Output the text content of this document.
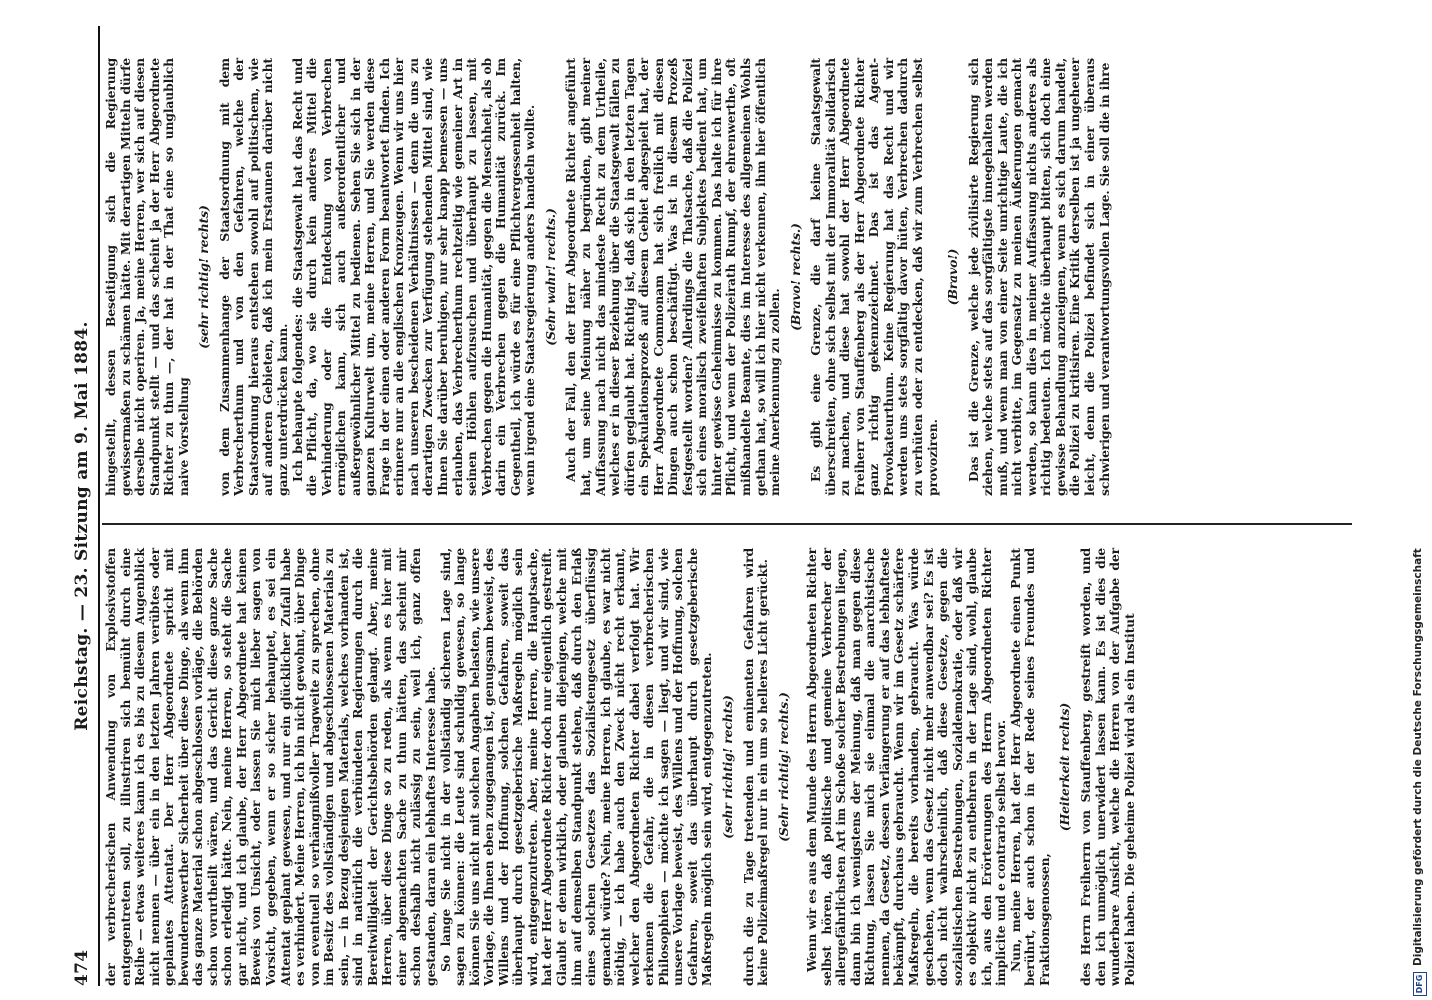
474
Reichstag. — 23. Sitzung am 9. Mai 1884.

der verbrecherischen Anwendung von Explosivstoffen entgegentreten soll, zu illustriren sich bemüht durch eine Reihe — etwas weiteres kann ich es bis zu diesem Augenblick nicht nennen — über ein in den letzten Jahren verübtes oder geplantes Attentat. Der Herr Abgeordnete spricht mit bewundernswerther Sicherheit über diese Dinge, als wenn ihm das ganze Material schon abgeschlossen vorläge, die Behörden schon vorurtheilt wären, und das Gericht diese ganze Sache schon erledigt hätte. Nein, meine Herren, so steht die Sache gar nicht, und ich glaube, der Herr Abgeordnete hat keinen Beweis von Unsicht, oder lassen Sie mich lieber sagen von Vorsicht, gegeben, wenn er so sicher behauptet, es sei ein Attentat geplant gewesen, und nur ein glücklicher Zufall habe es verhindert. Meine Herren, ich bin nicht gewohnt, über Dinge von eventuell so verhängnißvoller Tragweite zu sprechen, ohne im Besitz des vollständigen und abgeschlossenen Materials zu sein, — in Bezug desjenigen Materials, welches vorhanden ist, sind in natürlich die verbündeten Regierungen durch die Bereitwilligkeit der Gerichtsbehörden gelangt. Aber, meine Herren, über diese Dinge so zu reden, als wenn es hier mit einer abgemachten Sache zu thun hätten, das scheint mir schon deshalb nicht zulässig zu sein, weil ich, ganz offen gestanden, daran ein lebhaftes Interesse habe. So lange Sie nicht in der vollständig sicheren Lage sind, sagen zu können: die Leute sind schuldig gewesen, so lange können Sie uns nicht mit solchen Angaben belasten, wie unsere Vorlage, die Ihnen eben zugegangen ist, genugsam beweist, des Willens und der Hoffnung, solchen Gefahren, soweit das überhaupt durch gesetzgeberische Maßregeln möglich sein wird, entgegenzutreten. Aber, meine Herren, die Hauptsache, hat der Herr Abgeordnete Richter doch nur eigentlich gestreift. Glaubt er denn wirklich, oder glauben diejenigen, welche mit ihm auf demselben Standpunkt stehen, daß durch den Erlaß eines solchen Gesetzes das Sozialistengesetz überflüssig gemacht würde? Nein, meine Herren, ich glaube, es war nicht nöthig, — ich habe auch den Zweck nicht recht erkannt, welcher den Abgeordneten Richter dabei verfolgt hat. Wir erkennen die Gefahr, die in diesen verbrecherischen Philosophieen — möchte ich sagen — liegt, und wir sind, wie unsere Vorlage beweist, des Willens und der Hoffnung, solchen Gefahren, soweit das überhaupt durch gesetzgeberische Maßregeln möglich sein wird, entgegenzutreten. (sehr richtig! rechts) durch die zu Tage tretenden und eminenten Gefahren wird keine Polizeimaßregel nur in ein um so helleres Licht gerückt. (Sehr richtig! rechts.) Wenn wir es aus dem Munde des Herrn Abgeordneten Richter selbst hören, daß politische und gemeine Verbrecher der allergefährlichsten Art im Schoße solcher Bestrebungen liegen, dann bin ich wenigstens der Meinung, daß man gegen diese Richtung, lassen Sie mich sie einmal die anarchistische nennen, da Gesetz, dessen Verlängerung er auf das lebhafteste bekämpft, durchaus gebraucht. Wenn wir im Gesetz schärfere Maßregeln, die bereits vorhanden, gebraucht. Was würde geschehen, wenn das Gesetz nicht mehr anwendbar sei? Es ist doch nicht wahrscheinlich, daß diese Gesetze, gegen die sozialistischen Bestrebungen, Sozialdemokratie, oder daß wir es objektiv nicht zu entbehren in der Lage sind, wohl, glaube ich, aus den Erörterungen des Herrn Abgeordneten Richter implicite und e contrario selbst hervor. Nun, meine Herren, hat der Herr Abgeordnete einen Punkt berührt, der auch schon in der Rede seines Freundes und Fraktionsgenossen,

(Heiterkeit rechts) des Herrn Freiherrn von Stauffenberg, gestreift worden, und den ich unmöglich unerwidert lassen kann. Es ist dies die wunderbare Ansicht, welche die Herren von der Aufgabe der Polizei haben. Die geheime Polizei wird als ein Institut

hingestellt, dessen Beseitigung sich die Regierung gewissermaßen zu schämen hätte. Mit derartigen Mitteln dürfe derselbe nicht operiren. Ja, meine Herren, wer sich auf diesen Standpunkt stellt — und das scheint ja der Herr Abgeordnete Richter zu thun —, der hat in der That eine so unglaublich naive Vorstellung

(sehr richtig! rechts) von dem Zusammenhange der Staatsordnung mit dem Verbrecherthum und von den Gefahren, welche der Staatsordnung hieraus entstehen sowohl auf politischem, wie auf anderen Gebieten, daß ich mein Erstaunen darüber nicht ganz unterdrücken kann. Ich behaupte folgendes: die Staatsgewalt hat das Recht und die Pflicht, da, wo sie durch kein anderes Mittel die Verhinderung oder die Entdeckung von Verbrechen ermöglichen kann, sich auch außerordentlicher und außergewöhnlicher Mittel zu bedienen. Sehen Sie sich in der ganzen Kulturwelt um, meine Herren, und Sie werden diese Frage in der einen oder anderen Form beantwortet finden. Ich erinnere nur an die englischen Kronzeugen. Wenn wir uns hier nach unseren bescheidenen Verhältnissen — denn die uns zu derartigen Zwecken zur Verfügung stehenden Mittel sind, wie Ihnen Sie darüber beruhigen, nur sehr knapp bemessen — uns erlauben, das Verbrecherthum rechtzeitig wie gemeiner Art in seinen Höhlen aufzusuchen und überhaupt zu lassen, mit Verbrechen gegen die Humanität, gegen die Menschheit, als ob darin ein Verbrechen gegen die Humanität zurück. Im Gegentheil, ich würde es für eine Pflichtvergessenheit halten, wenn irgend eine Staatsregierung anders handeln wollte. (Sehr wahr! rechts.) Auch der Fall, den der Herr Abgeordnete Richter angeführt hat, um seine Meinung näher zu begründen, gibt meiner Auffassung nach nicht das mindeste Recht zu dem Urtheile, welches er in dieser Beziehung über die Staatsgewalt fällen zu dürfen geglaubt hat. Richtig ist, daß sich in den letzten Tagen ein Spekulationsprozeß auf diesem Gebiet abgespielt hat, der Herr Abgeordnete Commonam hat sich freilich mit diesen Dingen auch schon beschäftigt. Was ist in diesem Prozeß festgestellt worden? Allerdings die Thatsache, daß die Polizei sich eines moralisch zweifelhaften Subjektes bedient hat, um hinter gewisse Geheimnisse zu kommen. Das halte ich für ihre Pflicht, und wenn der Polizeirath Rumpf, der ehrenwerthe, oft mißhandelte Beamte, dies im Interesse des allgemeinen Wohls gethan hat, so will ich hier nicht verkennen, ihm hier öffentlich meine Anerkennung zu zollen.

(Bravo! rechts.) Es gibt eine Grenze, die darf keine Staatsgewalt überschreiten, ohne sich selbst mit der Immoralität solidarisch zu machen, und diese hat sowohl der Herr Abgeordnete Freiherr von Stauffenberg als der Herr Abgeordnete Richter ganz richtig gekennzeichnet. Das ist das Agent-Provokateurthum. Keine Regierung hat das Recht und wir werden uns stets sorgfältig davor hüten, Verbrechen dadurch zu verhüten oder zu entdecken, daß wir zum Verbrechen selbst provoziren.

(Bravo!) Das ist die Grenze, welche jede zivilisirte Regierung sich ziehen, welche stets auf das sorgfältigste innegehalten werden muß, und wenn man von einer Seite unrichtige Laute, die ich nicht verbitte, im Gegensatz zu meinen Äußerungen gemacht werden, so kann dies in meiner Auffassung nichts anderes als richtig bedeuten. Ich möchte überhaupt bitten, sich doch eine gewisse Behandlung anzueignen, wenn es sich darum handelt, die Polizei zu kritisiren. Eine Kritik derselben ist ja ungeheuer leicht, denn die Polizei befindet sich in einer überaus schwierigen und verantwortungsvollen Lage. Sie soll die in ihre

DFG
Digitalisierung gefördert durch die Deutsche Forschungsgemeinschaft
